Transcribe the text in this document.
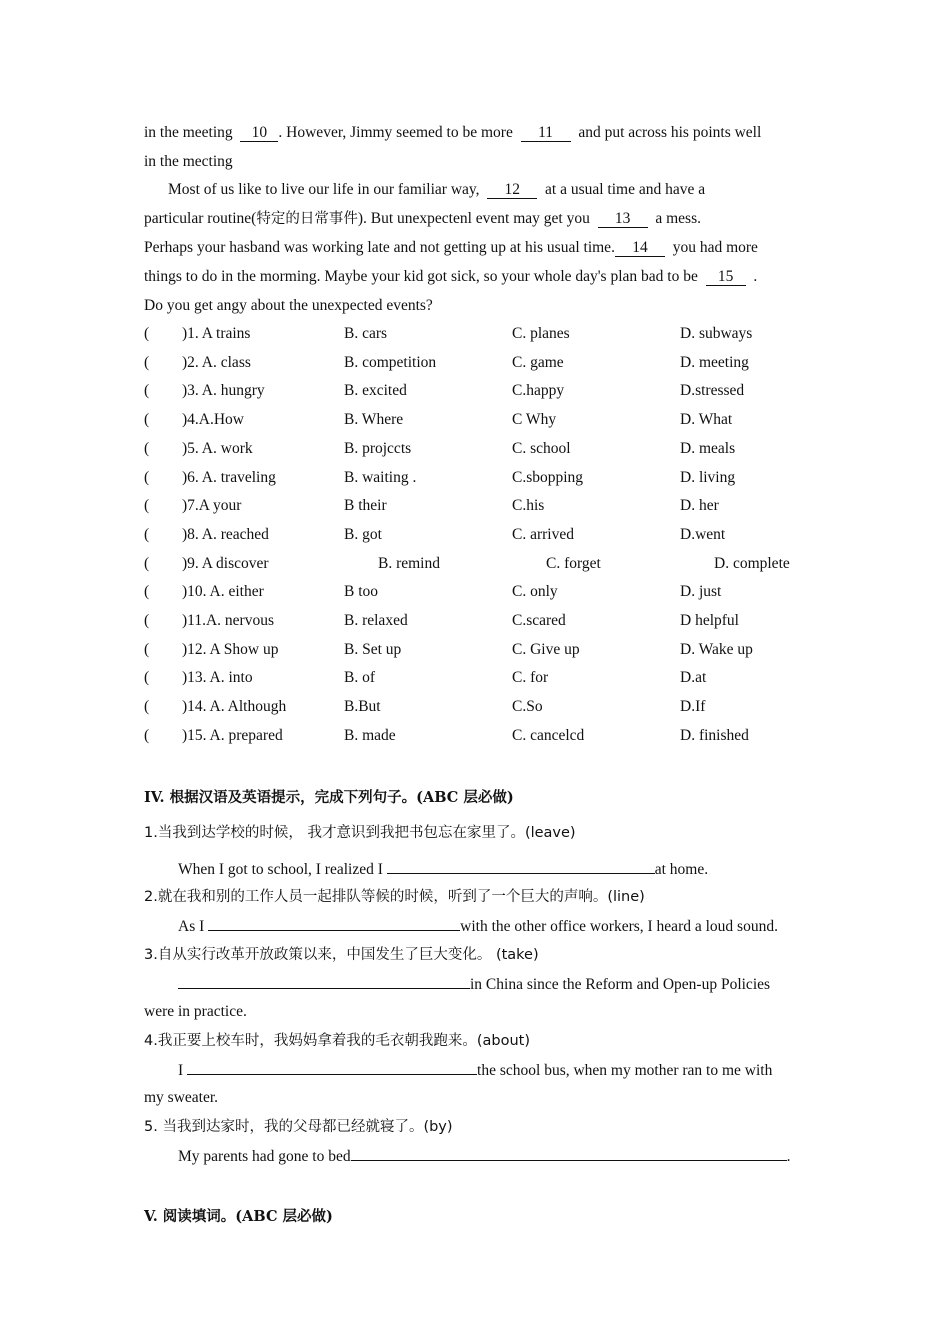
in the meeting 10 . However, Jimmy seemed to be more 11 and put across his points well
in the mecting
Most of us like to live our life in our familiar way, 12 at a usual time and have a
particular routine(特定的日常事件). But unexpectenl event may get you 13 a mess.
Perhaps your hasband was working late and not getting up at his usual time. 14 you had more
things to do in the morming. Maybe your kid got sick, so your whole day's plan bad to be 15 .
Do you get angy about the unexpected events?
( )1. A trains	B. cars	C. planes	D. subways
( )2. A. class	B. competition	C. game	D. meeting
( )3. A. hungry	B. excited	C.happy	D.stressed
( )4.A.How	B. Where	C Why	D. What
( )5. A. work	B. projccts	C. school	D. meals
( )6. A. traveling	B. waiting .	C.sbopping	D. living
( )7.A your	B their	C.his	D. her
( )8. A. reached	B. got	C. arrived	D.went
( )9. A discover	B. remind	C. forget	D. complete
( )10. A. either	B too	C. only	D. just
( )11.A. nervous	B. relaxed	C.scared	D helpful
( )12. A Show up	B. Set up	C. Give up	D. Wake up
( )13. A. into	B. of	C. for	D.at
( )14. A. Although	B.But	C.So	D.If
( )15. A. prepared	B. made	C. cancelcd	D. finished
IV. 根据汉语及英语提示，完成下列句子。(ABC 层必做)
1.当我到达学校的时候， 我才意识到我把书包忘在家里了。(leave)
When I got to school, I realized I	at home.
2.就在我和别的工作人员一起排队等候的时候，听到了一个巨大的声响。(line)
As I	with the other office workers, I heard a loud sound.
3.自从实行改革开放政策以来，中国发生了巨大变化。 (take)
in China since the Reform and Open-up Policies
were in practice.
4.我正要上校车时，我妈妈拿着我的毛衣朝我跑来。(about)
I	the school bus, when my mother ran to me with
my sweater.
5. 当我到达家时，我的父母都已经就寝了。(by)
My parents had gone to bed	.
V. 阅读填词。(ABC 层必做)
